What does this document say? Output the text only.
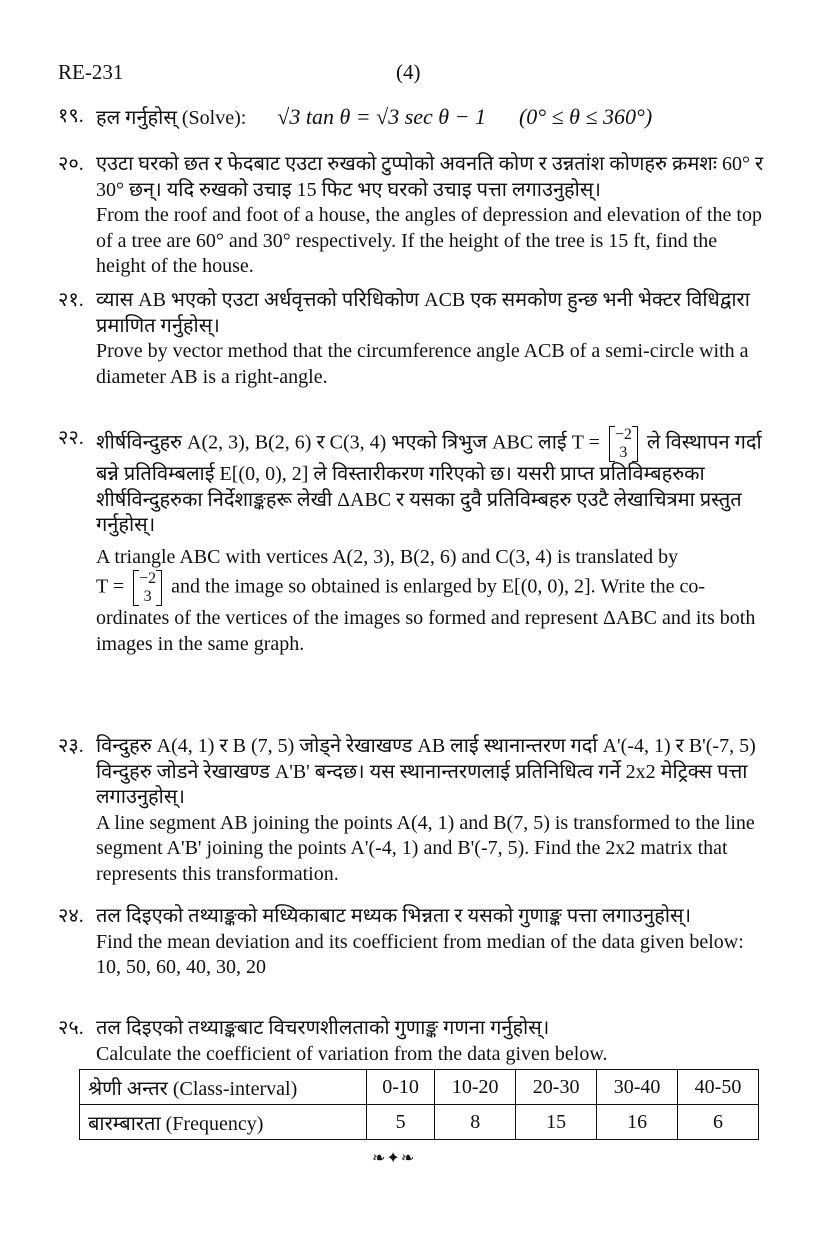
RE-231	(4)
१९. हल गर्नुहोस् (Solve): √3 tan θ = √3 sec θ − 1 (0° ≤ θ ≤ 360°)
२०. एउटा घरको छत र फेदबाट एउटा रुखको टुप्पोको अवनति कोण र उन्नतांश कोणहरु क्रमशः 60° र 30° छन्। यदि रुखको उचाइ 15 फिट भए घरको उचाइ पत्ता लगाउनुहोस्।
From the roof and foot of a house, the angles of depression and elevation of the top of a tree are 60° and 30° respectively. If the height of the tree is 15 ft, find the height of the house.
२१. व्यास AB भएको एउटा अर्धवृत्तको परिधिकोण ACB एक समकोण हुन्छ भनी भेक्टर विधिद्वारा प्रमाणित गर्नुहोस्।
Prove by vector method that the circumference angle ACB of a semi-circle with a diameter AB is a right-angle.
२२. शीर्षविन्दुहरु A(2, 3), B(2, 6) र C(3, 4) भएको त्रिभुज ABC लाई T = −2
3 ले विस्थापन गर्दा बन्ने प्रतिविम्बलाई E[(0, 0), 2] ले विस्तारीकरण गरिएको छ। यसरी प्राप्त प्रतिविम्बहरुका शीर्षविन्दुहरुका निर्देशाङ्कहरू लेखी ΔABC र यसका दुवै प्रतिविम्बहरु एउटै लेखाचित्रमा प्रस्तुत गर्नुहोस्।
A triangle ABC with vertices A(2, 3), B(2, 6) and C(3, 4) is translated by
T = −2
3 and the image so obtained is enlarged by E[(0, 0), 2]. Write the co-ordinates of the vertices of the images so formed and represent ΔABC and its both images in the same graph.
२३. विन्दुहरु A(4, 1) र B (7, 5) जोड्ने रेखाखण्ड AB लाई स्थानान्तरण गर्दा A'(-4, 1) र B'(-7, 5) विन्दुहरु जोडने रेखाखण्ड A'B' बन्दछ। यस स्थानान्तरणलाई प्रतिनिधित्व गर्ने 2x2 मेट्रिक्स पत्ता लगाउनुहोस्।
A line segment AB joining the points A(4, 1) and B(7, 5) is transformed to the line segment A'B' joining the points A'(-4, 1) and B'(-7, 5). Find the 2x2 matrix that represents this transformation.
२४. तल दिइएको तथ्याङ्कको मध्यिकाबाट मध्यक भिन्नता र यसको गुणाङ्क पत्ता लगाउनुहोस्।
Find the mean deviation and its coefficient from median of the data given below:
10, 50, 60, 40, 30, 20
२५. तल दिइएको तथ्याङ्कबाट विचरणशीलताको गुणाङ्क गणना गर्नुहोस्।
Calculate the coefficient of variation from the data given below.
श्रेणी अन्तर (Class-interval)	0-10	10-20	20-30	30-40	40-50
बारम्बारता (Frequency)	5	8	15	16	6
❧✦❧
